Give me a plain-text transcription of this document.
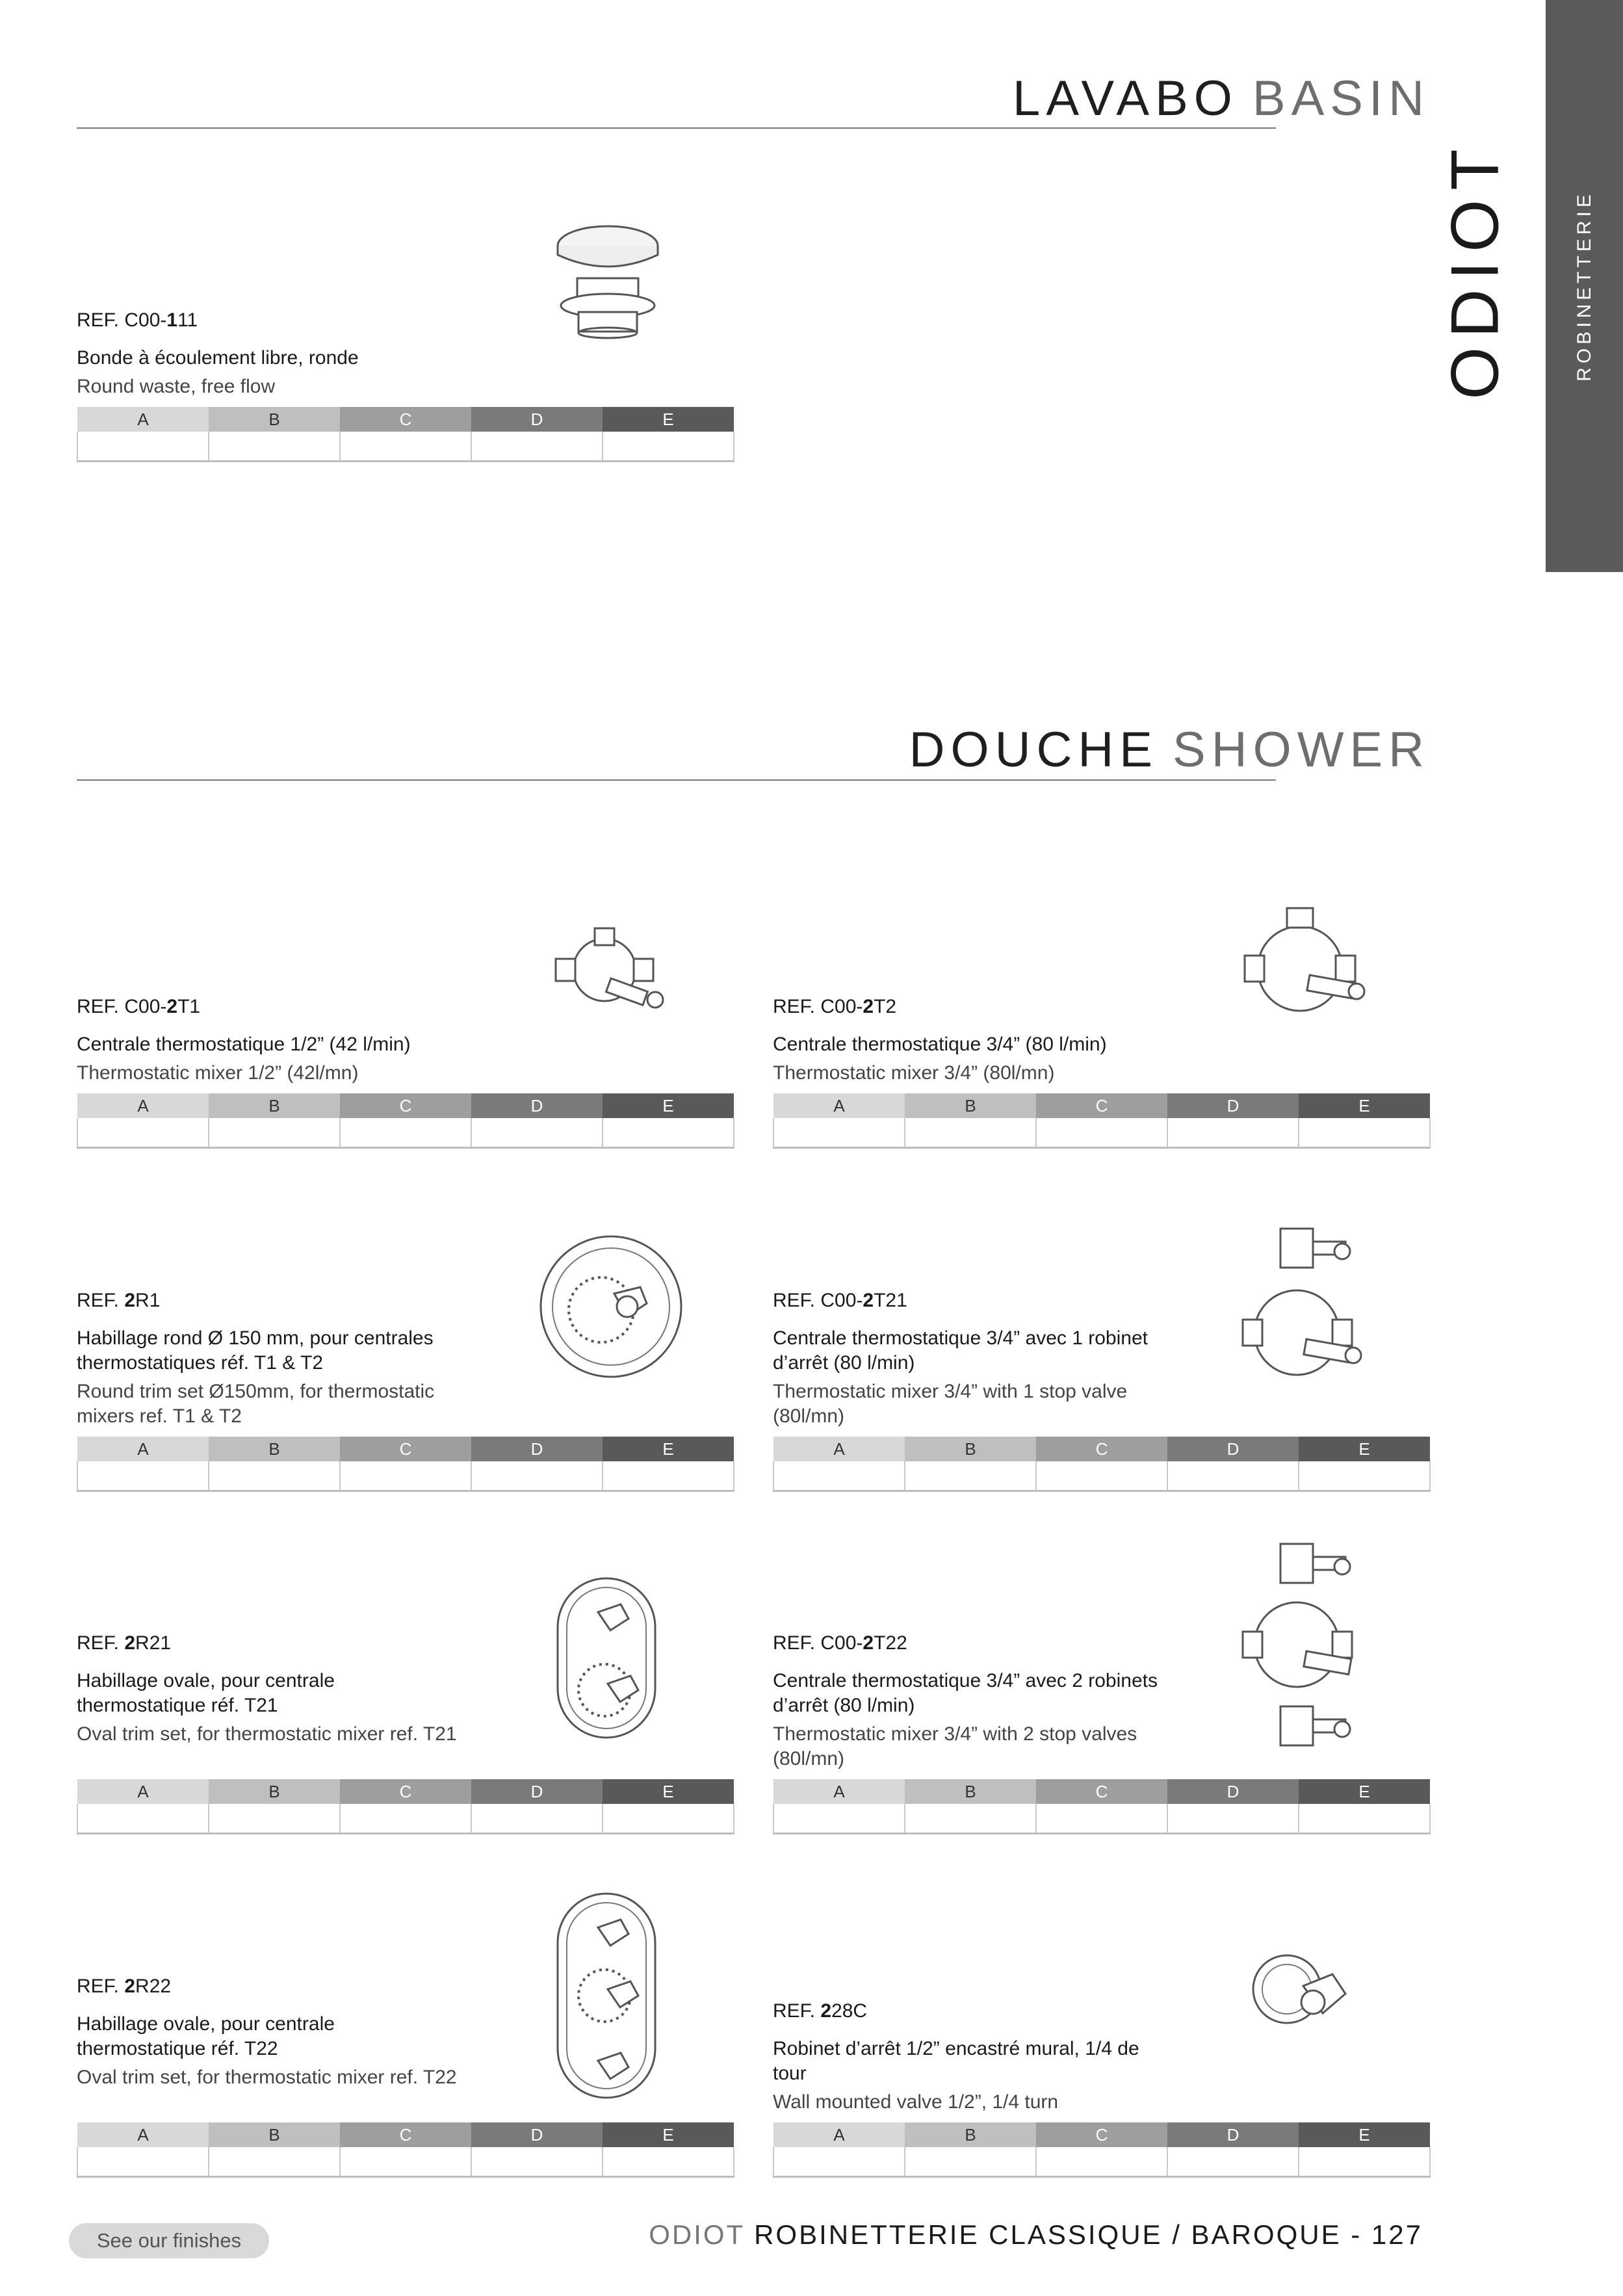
ROBINETTERIE
ODIOT
LAVABO BASIN
DOUCHE SHOWER

REF. C00-111

Bonde à écoulement libre, ronde

Round waste, free flow

A	B	C	D	E

REF. C00-2T1

Centrale thermostatique 1/2” (42 l/min)

Thermostatic mixer 1/2” (42l/mn)

A	B	C	D	E

REF. C00-2T2

Centrale thermostatique 3/4” (80 l/min)

Thermostatic mixer 3/4” (80l/mn)

A	B	C	D	E

REF. 2R1

Habillage rond Ø 150 mm, pour centrales thermostatiques réf. T1 & T2

Round trim set Ø150mm, for thermostatic mixers ref. T1 & T2

A	B	C	D	E

REF. C00-2T21

Centrale thermostatique 3/4” avec 1 robinet d’arrêt (80 l/min)

Thermostatic mixer 3/4” with 1 stop valve (80l/mn)

A	B	C	D	E

REF. 2R21

Habillage ovale, pour centrale thermostatique réf. T21

Oval trim set, for thermostatic mixer ref. T21

A	B	C	D	E

REF. C00-2T22

Centrale thermostatique 3/4” avec 2 robinets d’arrêt (80 l/min)

Thermostatic mixer 3/4” with 2 stop valves (80l/mn)

A	B	C	D	E

REF. 2R22

Habillage ovale, pour centrale thermostatique réf. T22

Oval trim set, for thermostatic mixer ref. T22

A	B	C	D	E

REF. 228C

Robinet d’arrêt 1/2” encastré mural, 1/4 de tour

Wall mounted valve 1/2”, 1/4 turn

A	B	C	D	E

See our finishes	ODIOT ROBINETTERIE CLASSIQUE / BAROQUE - 127
